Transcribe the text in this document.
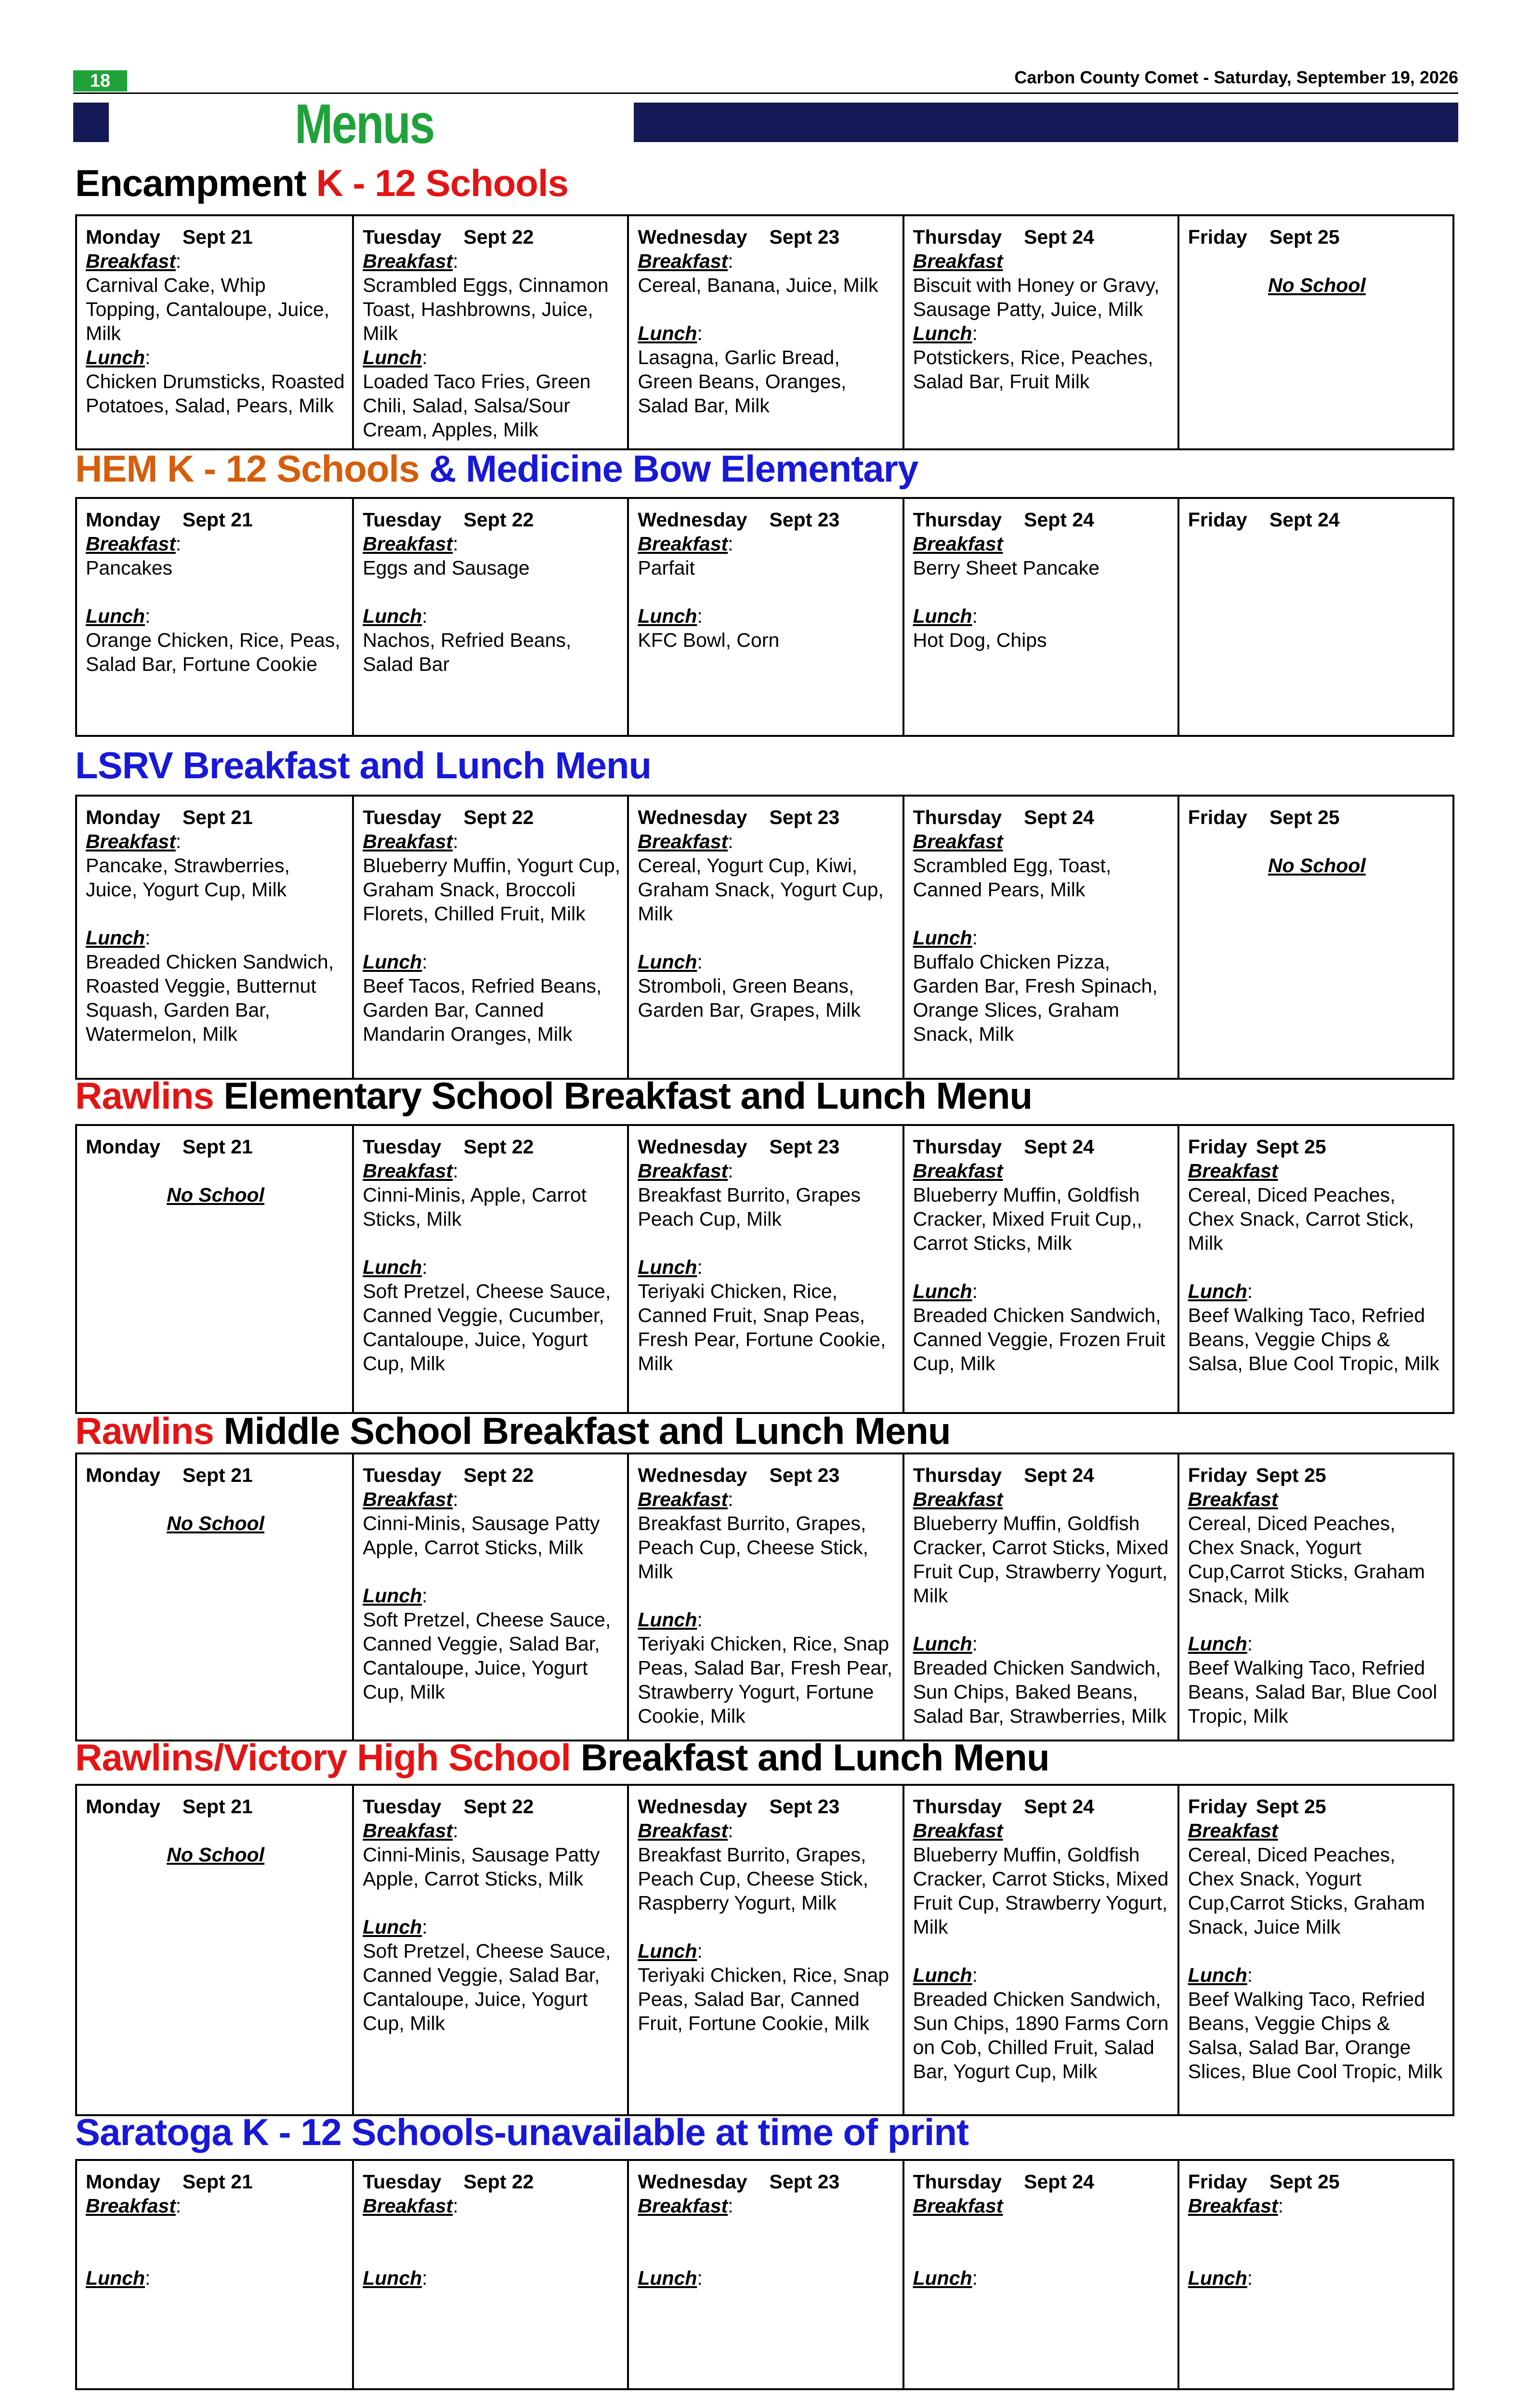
18	Carbon County Comet - Saturday, September 19, 2026
Menus
Encampment K - 12 Schools
Monday Sept 21
Breakfast:
Carnival Cake, Whip Topping, Cantaloupe, Juice, Milk
Lunch:
Chicken Drumsticks, Roasted Potatoes, Salad, Pears, Milk
Tuesday Sept 22
Breakfast:
Scrambled Eggs, Cinnamon Toast, Hashbrowns, Juice, Milk
Lunch:
Loaded Taco Fries, Green Chili, Salad, Salsa/Sour Cream, Apples, Milk
Wednesday Sept 23
Breakfast:
Cereal, Banana, Juice, Milk
Lunch:
Lasagna, Garlic Bread, Green Beans, Oranges, Salad Bar, Milk
Thursday Sept 24
Breakfast
Biscuit with Honey or Gravy, Sausage Patty, Juice, Milk
Lunch:
Potstickers, Rice, Peaches, Salad Bar, Fruit Milk
Friday Sept 25
No School
HEM K - 12 Schools & Medicine Bow Elementary
Monday Sept 21
Breakfast:
Pancakes
Lunch:
Orange Chicken, Rice, Peas, Salad Bar, Fortune Cookie
Tuesday Sept 22
Breakfast:
Eggs and Sausage
Lunch:
Nachos, Refried Beans, Salad Bar
Wednesday Sept 23
Breakfast:
Parfait
Lunch:
KFC Bowl, Corn
Thursday Sept 24
Breakfast
Berry Sheet Pancake
Lunch:
Hot Dog, Chips
Friday Sept 24
LSRV Breakfast and Lunch Menu
Monday Sept 21
Breakfast:
Pancake, Strawberries, Juice, Yogurt Cup, Milk
Lunch:
Breaded Chicken Sandwich, Roasted Veggie, Butternut Squash, Garden Bar, Watermelon, Milk
Tuesday Sept 22
Breakfast:
Blueberry Muffin, Yogurt Cup, Graham Snack, Broccoli Florets, Chilled Fruit, Milk
Lunch:
Beef Tacos, Refried Beans, Garden Bar, Canned Mandarin Oranges, Milk
Wednesday Sept 23
Breakfast:
Cereal, Yogurt Cup, Kiwi, Graham Snack, Yogurt Cup, Milk
Lunch:
Stromboli, Green Beans, Garden Bar, Grapes, Milk
Thursday Sept 24
Breakfast
Scrambled Egg, Toast, Canned Pears, Milk
Lunch:
Buffalo Chicken Pizza, Garden Bar, Fresh Spinach, Orange Slices, Graham Snack, Milk
Friday Sept 25
No School
Rawlins Elementary School Breakfast and Lunch Menu
Monday Sept 21
No School
Tuesday Sept 22
Breakfast:
Cinni-Minis, Apple, Carrot Sticks, Milk
Lunch:
Soft Pretzel, Cheese Sauce, Canned Veggie, Cucumber, Cantaloupe, Juice, Yogurt Cup, Milk
Wednesday Sept 23
Breakfast:
Breakfast Burrito, Grapes Peach Cup, Milk
Lunch:
Teriyaki Chicken, Rice, Canned Fruit, Snap Peas, Fresh Pear, Fortune Cookie, Milk
Thursday Sept 24
Breakfast
Blueberry Muffin, Goldfish Cracker, Mixed Fruit Cup,, Carrot Sticks, Milk
Lunch:
Breaded Chicken Sandwich, Canned Veggie, Frozen Fruit Cup, Milk
Friday Sept 25
Breakfast
Cereal, Diced Peaches, Chex Snack, Carrot Stick, Milk
Lunch:
Beef Walking Taco, Refried Beans, Veggie Chips & Salsa, Blue Cool Tropic, Milk
Rawlins Middle School Breakfast and Lunch Menu
Monday Sept 21
No School
Tuesday Sept 22
Breakfast:
Cinni-Minis, Sausage Patty Apple, Carrot Sticks, Milk
Lunch:
Soft Pretzel, Cheese Sauce, Canned Veggie, Salad Bar, Cantaloupe, Juice, Yogurt Cup, Milk
Wednesday Sept 23
Breakfast:
Breakfast Burrito, Grapes, Peach Cup, Cheese Stick, Milk
Lunch:
Teriyaki Chicken, Rice, Snap Peas, Salad Bar, Fresh Pear, Strawberry Yogurt, Fortune Cookie, Milk
Thursday Sept 24
Breakfast
Blueberry Muffin, Goldfish Cracker, Carrot Sticks, Mixed Fruit Cup, Strawberry Yogurt, Milk
Lunch:
Breaded Chicken Sandwich, Sun Chips, Baked Beans, Salad Bar, Strawberries, Milk
Friday Sept 25
Breakfast
Cereal, Diced Peaches, Chex Snack, Yogurt Cup,Carrot Sticks, Graham Snack, Milk
Lunch:
Beef Walking Taco, Refried Beans, Salad Bar, Blue Cool Tropic, Milk
Rawlins/Victory High School Breakfast and Lunch Menu
Monday Sept 21
No School
Tuesday Sept 22
Breakfast:
Cinni-Minis, Sausage Patty Apple, Carrot Sticks, Milk
Lunch:
Soft Pretzel, Cheese Sauce, Canned Veggie, Salad Bar, Cantaloupe, Juice, Yogurt Cup, Milk
Wednesday Sept 23
Breakfast:
Breakfast Burrito, Grapes, Peach Cup, Cheese Stick, Raspberry Yogurt, Milk
Lunch:
Teriyaki Chicken, Rice, Snap Peas, Salad Bar, Canned Fruit, Fortune Cookie, Milk
Thursday Sept 24
Breakfast
Blueberry Muffin, Goldfish Cracker, Carrot Sticks, Mixed Fruit Cup, Strawberry Yogurt, Milk
Lunch:
Breaded Chicken Sandwich, Sun Chips, 1890 Farms Corn on Cob, Chilled Fruit, Salad Bar, Yogurt Cup, Milk
Friday Sept 25
Breakfast
Cereal, Diced Peaches, Chex Snack, Yogurt Cup,Carrot Sticks, Graham Snack, Juice Milk
Lunch:
Beef Walking Taco, Refried Beans, Veggie Chips & Salsa, Salad Bar, Orange Slices, Blue Cool Tropic, Milk
Saratoga K - 12 Schools-unavailable at time of print
Monday Sept 21
Breakfast:
Lunch:
Tuesday Sept 22
Breakfast:
Lunch:
Wednesday Sept 23
Breakfast:
Lunch:
Thursday Sept 24
Breakfast
Lunch:
Friday Sept 25
Breakfast:
Lunch:
